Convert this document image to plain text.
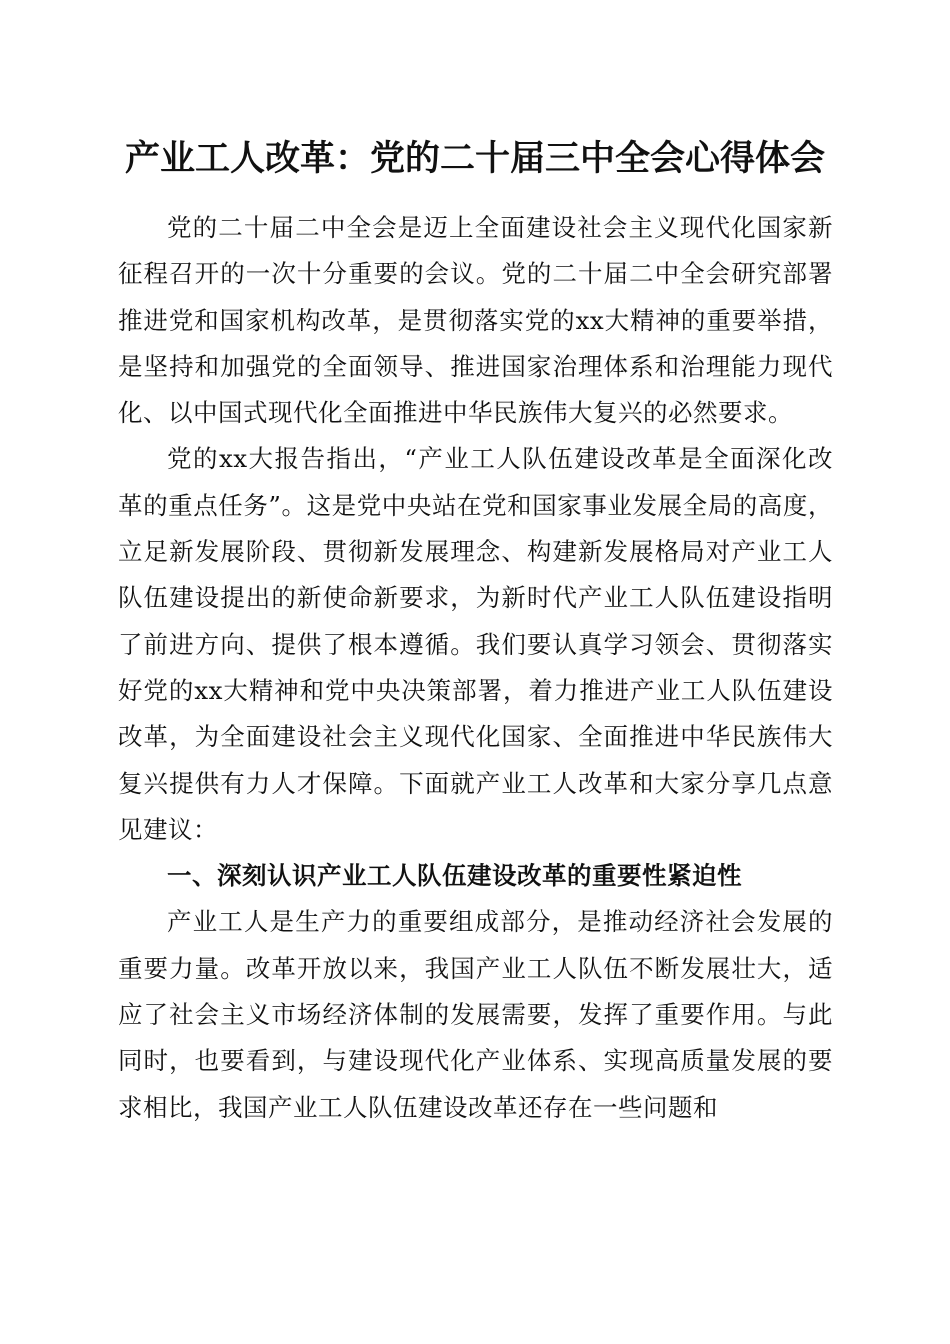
产业工人改革：党的二十届三中全会心得体会

党的二十届二中全会是迈上全面建设社会主义现代化国家新征程召开的一次十分重要的会议。党的二十届二中全会研究部署推进党和国家机构改革，是贯彻落实党的xx大精神的重要举措，是坚持和加强党的全面领导、推进国家治理体系和治理能力现代化、以中国式现代化全面推进中华民族伟大复兴的必然要求。

党的xx大报告指出，“产业工人队伍建设改革是全面深化改革的重点任务”。这是党中央站在党和国家事业发展全局的高度，立足新发展阶段、贯彻新发展理念、构建新发展格局对产业工人队伍建设提出的新使命新要求，为新时代产业工人队伍建设指明了前进方向、提供了根本遵循。我们要认真学习领会、贯彻落实好党的xx大精神和党中央决策部署，着力推进产业工人队伍建设改革，为全面建设社会主义现代化国家、全面推进中华民族伟大复兴提供有力人才保障。下面就产业工人改革和大家分享几点意见建议：

一、深刻认识产业工人队伍建设改革的重要性紧迫性

产业工人是生产力的重要组成部分，是推动经济社会发展的重要力量。改革开放以来，我国产业工人队伍不断发展壮大，适应了社会主义市场经济体制的发展需要，发挥了重要作用。与此同时，也要看到，与建设现代化产业体系、实现高质量发展的要求相比，我国产业工人队伍建设改革还存在一些问题和
